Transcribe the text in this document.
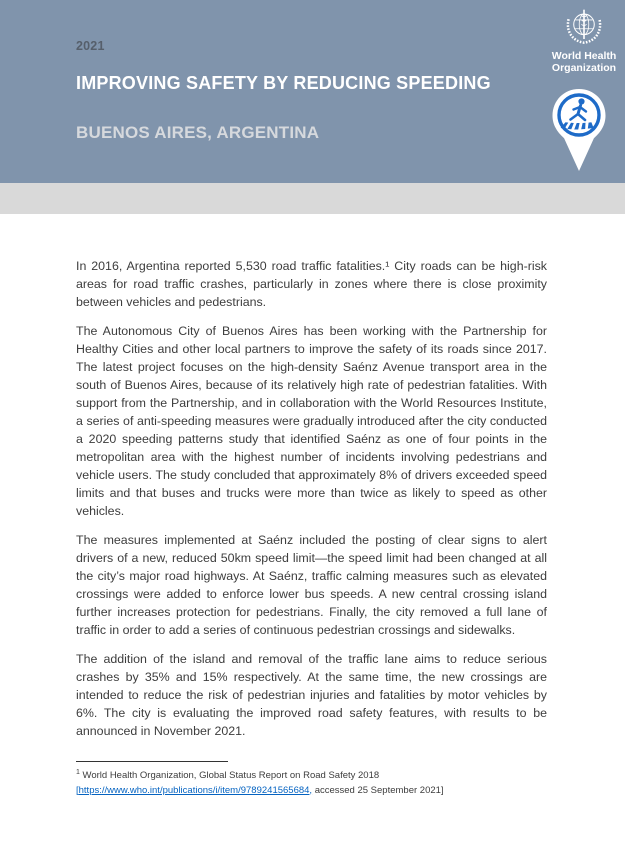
2021
IMPROVING SAFETY BY REDUCING SPEEDING
BUENOS AIRES, ARGENTINA
World Health
Organization

In 2016, Argentina reported 5,530 road traffic fatalities.¹ City roads can be high-risk areas for road traffic crashes, particularly in zones where there is close proximity between vehicles and pedestrians.

The Autonomous City of Buenos Aires has been working with the Partnership for Healthy Cities and other local partners to improve the safety of its roads since 2017. The latest project focuses on the high-density Saénz Avenue transport area in the south of Buenos Aires, because of its relatively high rate of pedestrian fatalities. With support from the Partnership, and in collaboration with the World Resources Institute, a series of anti-speeding measures were gradually introduced after the city conducted a 2020 speeding patterns study that identified Saénz as one of four points in the metropolitan area with the highest number of incidents involving pedestrians and vehicle users. The study concluded that approximately 8% of drivers exceeded speed limits and that buses and trucks were more than twice as likely to speed as other vehicles.

The measures implemented at Saénz included the posting of clear signs to alert drivers of a new, reduced 50km speed limit—the speed limit had been changed at all the city’s major road highways. At Saénz, traffic calming measures such as elevated crossings were added to enforce lower bus speeds. A new central crossing island further increases protection for pedestrians. Finally, the city removed a full lane of traffic in order to add a series of continuous pedestrian crossings and sidewalks.

The addition of the island and removal of the traffic lane aims to reduce serious crashes by 35% and 15% respectively. At the same time, the new crossings are intended to reduce the risk of pedestrian injuries and fatalities by motor vehicles by 6%. The city is evaluating the improved road safety features, with results to be announced in November 2021.

$^1$ World Health Organization, Global Status Report on Road Safety 2018
[https://www.who.int/publications/i/item/9789241565684, accessed 25 September 2021]
